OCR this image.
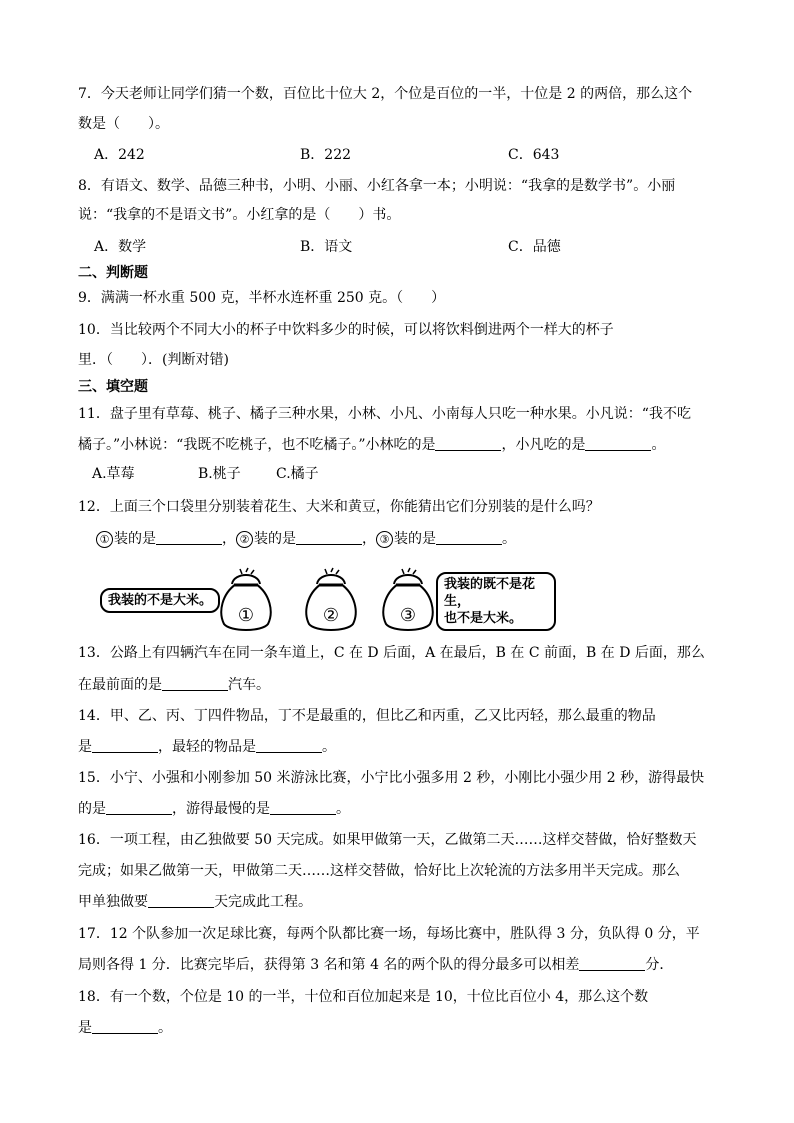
7．今天老师让同学们猜一个数，百位比十位大 2，个位是百位的一半，十位是 2 的两倍，那么这个
数是（　　）。
A．242	B．222	C．643
8．有语文、数学、品德三种书，小明、小丽、小红各拿一本；小明说：“我拿的是数学书”。小丽
说：“我拿的不是语文书”。小红拿的是（　　）书。
A．数学	B．语文	C．品德
二、判断题
9．满满一杯水重 500 克，半杯水连杯重 250 克。（　　）
10．当比较两个不同大小的杯子中饮料多少的时候，可以将饮料倒进两个一样大的杯子
里．（　　）．(判断对错)
三、填空题
11．盘子里有草莓、桃子、橘子三种水果，小林、小凡、小南每人只吃一种水果。小凡说：“我不吃
橘子。”小林说：“我既不吃桃子，也不吃橘子。”小林吃的是	，小凡吃的是	。
A.草莓	B.桃子	C.橘子
12．上面三个口袋里分别装着花生、大米和黄豆，你能猜出它们分别装的是什么吗？
① 装的是	， ② 装的是	， ③ 装的是	。
我装的不是大米。
①	②	③
我装的既不是花生，
也不是大米。
13．公路上有四辆汽车在同一条车道上，C 在 D 后面，A 在最后，B 在 C 前面，B 在 D 后面，那么
在最前面的是	汽车。
14．甲、乙、丙、丁四件物品，丁不是最重的，但比乙和丙重，乙又比丙轻，那么最重的物品
是	，最轻的物品是	。
15．小宁、小强和小刚参加 50 米游泳比赛，小宁比小强多用 2 秒，小刚比小强少用 2 秒，游得最快
的是	，游得最慢的是	。
16．一项工程，由乙独做要 50 天完成。如果甲做第一天，乙做第二天……这样交替做，恰好整数天
完成；如果乙做第一天，甲做第二天……这样交替做，恰好比上次轮流的方法多用半天完成。那么
甲单独做要	天完成此工程。
17．12 个队参加一次足球比赛，每两个队都比赛一场，每场比赛中，胜队得 3 分，负队得 0 分，平
局则各得 1 分．比赛完毕后，获得第 3 名和第 4 名的两个队的得分最多可以相差	分．
18．有一个数，个位是 10 的一半，十位和百位加起来是 10，十位比百位小 4，那么这个数
是	。
